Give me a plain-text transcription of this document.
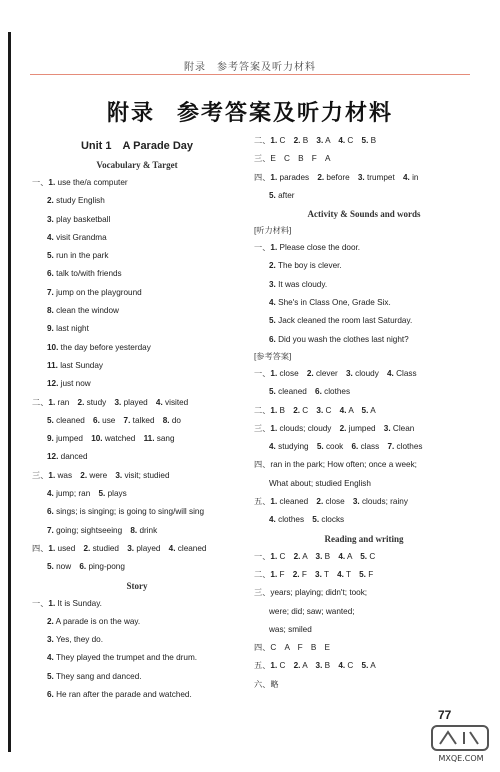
附录　参考答案及听力材料
附录 参考答案及听力材料
Unit 1　A Parade Day
Vocabulary & Target
一、1. use the/a computer
2. study English
3. play basketball
4. visit Grandma
5. run in the park
6. talk to/with friends
7. jump on the playground
8. clean the window
9. last night
10. the day before yesterday
11. last Sunday
12. just now
二、1. ran　 2. study　 3. played　 4. visited
5. cleaned　 6. use　 7. talked　 8. do
9. jumped　 10. watched　 11. sang
12. danced
三、1. was　 2. were　 3. visit; studied
4. jump; ran　 5. plays
6. sings; is singing; is going to sing/will sing
7. going; sightseeing　 8. drink
四、1. used　 2. studied　 3. played　 4. cleaned
5. now　 6. ping-pong
Story
一、1. It is Sunday.
2. A parade is on the way.
3. Yes, they do.
4. They played the trumpet and the drum.
5. They sang and danced.
6. He ran after the parade and watched.
二、1. C　 2. B　 3. A　 4. C　 5. B
三、E　C　B　F　A
四、1. parades　 2. before　 3. trumpet　 4. in
5. after
Activity & Sounds and words
[听力材料]
一、1. Please close the door.
2. The boy is clever.
3. It was cloudy.
4. She's in Class One, Grade Six.
5. Jack cleaned the room last Saturday.
6. Did you wash the clothes last night?
[参考答案]
一、1. close　 2. clever　 3. cloudy　 4. Class
5. cleaned　 6. clothes
二、1. B　 2. C　 3. C　 4. A　 5. A
三、1. clouds; cloudy　 2. jumped　 3. Clean
4. studying　 5. cook　 6. class　 7. clothes
四、ran in the park; How often; once a week;
What about; studied English
五、1. cleaned　 2. close　 3. clouds; rainy
4. clothes　 5. clocks
Reading and writing
一、1. C　 2. A　 3. B　 4. A　 5. C
二、1. F　 2. F　 3. T　 4. T　 5. F
三、years; playing; didn't; took;
were; did; saw; wanted;
was; smiled
四、C　A　F　B　E
五、1. C　 2. A　 3. B　 4. C　 5. A
六、略
77
MXQE.COM
